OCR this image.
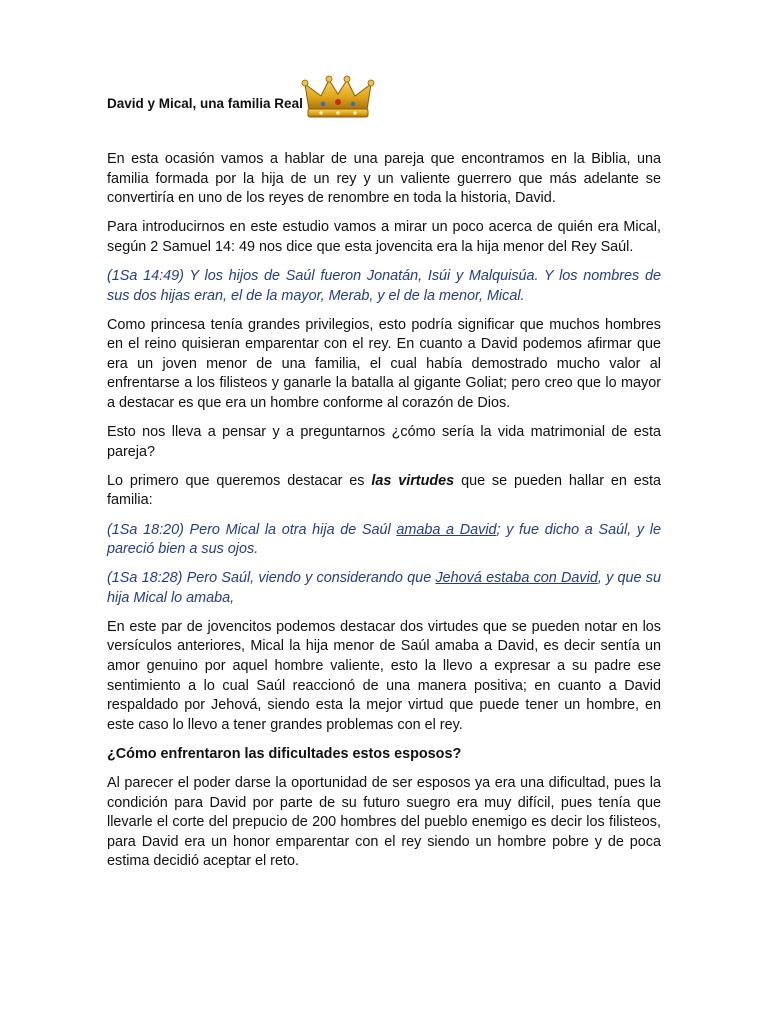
David y Mical, una familia Real

En esta ocasión vamos a hablar de una pareja que encontramos en la Biblia, una familia formada por la hija de un rey y un valiente guerrero que más adelante se convertiría en uno de los reyes de renombre en toda la historia, David.

Para introducirnos en este estudio vamos a mirar un poco acerca de quién era Mical, según 2 Samuel 14: 49 nos dice que esta jovencita era la hija menor del Rey Saúl.

(1Sa 14:49) Y los hijos de Saúl fueron Jonatán, Isúi y Malquisúa. Y los nombres de sus dos hijas eran, el de la mayor, Merab, y el de la menor, Mical.

Como princesa tenía grandes privilegios, esto podría significar que muchos hombres en el reino quisieran emparentar con el rey. En cuanto a David podemos afirmar que era un joven menor de una familia, el cual había demostrado mucho valor al enfrentarse a los filisteos y ganarle la batalla al gigante Goliat; pero creo que lo mayor a destacar es que era un hombre conforme al corazón de Dios.

Esto nos lleva a pensar y a preguntarnos ¿cómo sería la vida matrimonial de esta pareja?

Lo primero que queremos destacar es las virtudes que se pueden hallar en esta familia:

(1Sa 18:20) Pero Mical la otra hija de Saúl amaba a David; y fue dicho a Saúl, y le pareció bien a sus ojos.

(1Sa 18:28) Pero Saúl, viendo y considerando que Jehová estaba con David, y que su hija Mical lo amaba,

En este par de jovencitos podemos destacar dos virtudes que se pueden notar en los versículos anteriores, Mical la hija menor de Saúl amaba a David, es decir sentía un amor genuino por aquel hombre valiente, esto la llevo a expresar a su padre ese sentimiento a lo cual Saúl reaccionó de una manera positiva; en cuanto a David respaldado por Jehová, siendo esta la mejor virtud que puede tener un hombre, en este caso lo llevo a tener grandes problemas con el rey.

¿Cómo enfrentaron las dificultades estos esposos?

Al parecer el poder darse la oportunidad de ser esposos ya era una dificultad, pues la condición para David por parte de su futuro suegro era muy difícil, pues tenía que llevarle el corte del prepucio de 200 hombres del pueblo enemigo es decir los filisteos, para David era un honor emparentar con el rey siendo un hombre pobre y de poca estima decidió aceptar el reto.
